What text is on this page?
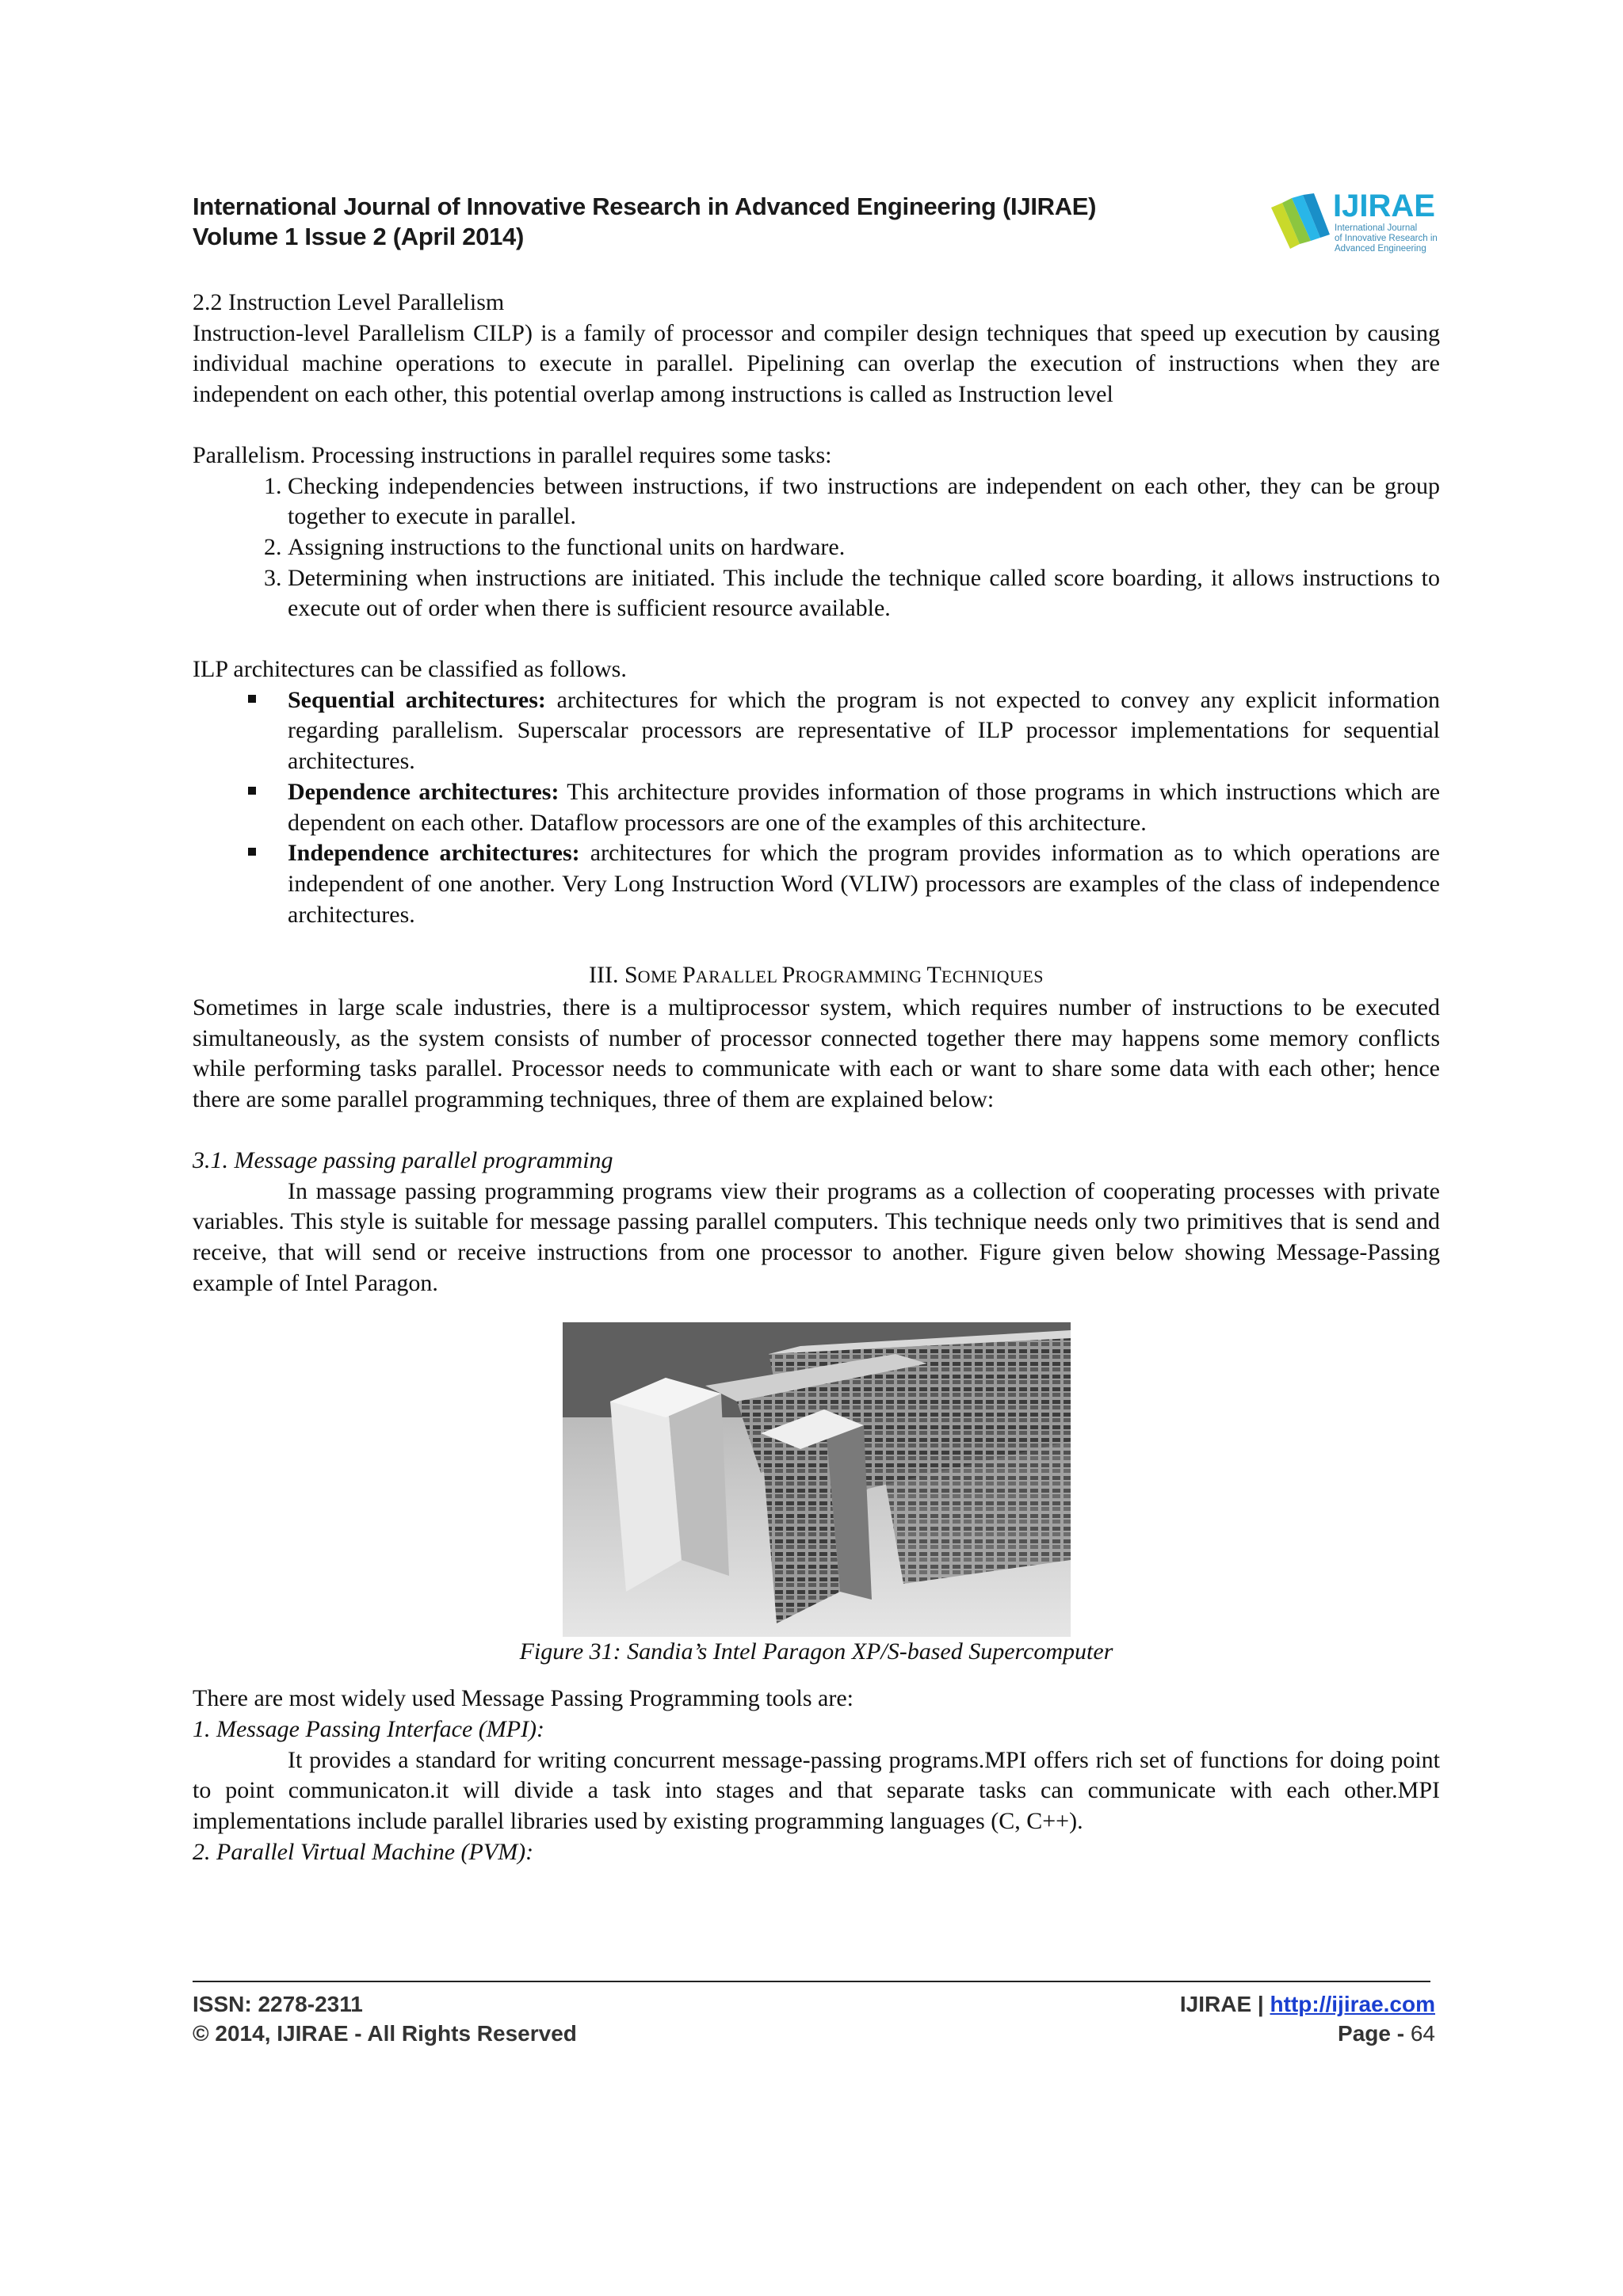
International Journal of Innovative Research in Advanced Engineering (IJIRAE)
Volume 1 Issue 2 (April 2014)
IJIRAE
International Journal
of Innovative Research in
Advanced Engineering

2.2 Instruction Level Parallelism

Instruction-level Parallelism CILP) is a family of processor and compiler design techniques that speed up execution by causing individual machine operations to execute in parallel. Pipelining can overlap the execution of instructions when they are independent on each other, this potential overlap among instructions is called as Instruction level

Parallelism. Processing instructions in parallel requires some tasks:

1. Checking independencies between instructions, if two instructions are independent on each other, they can be group together to execute in parallel.
2. Assigning instructions to the functional units on hardware.
3. Determining when instructions are initiated. This include the technique called score boarding, it allows instructions to execute out of order when there is sufficient resource available.

ILP architectures can be classified as follows.

Sequential architectures: architectures for which the program is not expected to convey any explicit information regarding parallelism. Superscalar processors are representative of ILP processor implementations for sequential architectures.
Dependence architectures: This architecture provides information of those programs in which instructions which are dependent on each other. Dataflow processors are one of the examples of this architecture.
Independence architectures: architectures for which the program provides information as to which operations are independent of one another. Very Long Instruction Word (VLIW) processors are examples of the class of independence architectures.

III. SOME PARALLEL PROGRAMMING TECHNIQUES

Sometimes in large scale industries, there is a multiprocessor system, which requires number of instructions to be executed simultaneously, as the system consists of number of processor connected together there may happens some memory conflicts while performing tasks parallel. Processor needs to communicate with each or want to share some data with each other; hence there are some parallel programming techniques, three of them are explained below:

3.1. Message passing parallel programming

In massage passing programming programs view their programs as a collection of cooperating processes with private variables. This style is suitable for message passing parallel computers. This technique needs only two primitives that is send and receive, that will send or receive instructions from one processor to another. Figure given below showing Message-Passing example of Intel Paragon.

Figure 31: Sandia’s Intel Paragon XP/S-based Supercomputer

There are most widely used Message Passing Programming tools are:

1. Message Passing Interface (MPI):

It provides a standard for writing concurrent message-passing programs.MPI offers rich set of functions for doing point to point communicaton.it will divide a task into stages and that separate tasks can communicate with each other.MPI implementations include parallel libraries used by existing programming languages (C, C++).

2. Parallel Virtual Machine (PVM):

ISSN: 2278-2311
© 2014, IJIRAE - All Rights Reserved
IJIRAE | http://ijirae.com
Page - 64
